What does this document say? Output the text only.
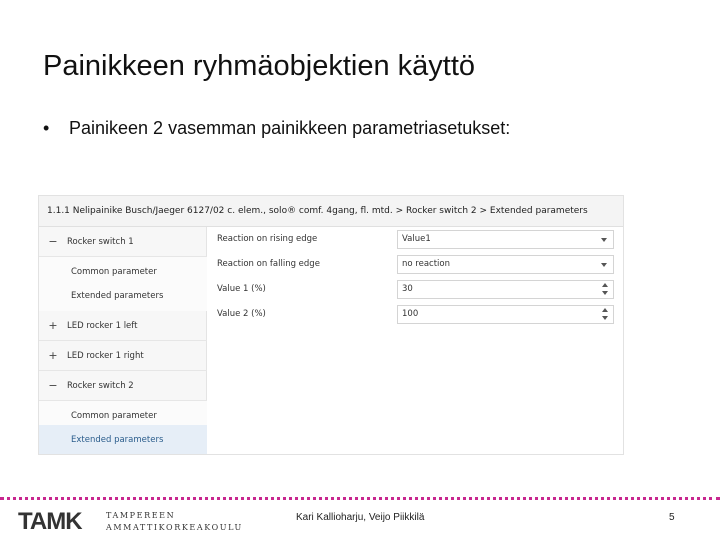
Painikkeen ryhmäobjektien käyttö
• Painikeen 2 vasemman painikkeen parametriasetukset:
1.1.1 Nelipainike Busch/Jaeger 6127/02 c. elem., solo® comf. 4gang, fl. mtd. > Rocker switch 2 > Extended parameters
− Rocker switch 1
Common parameter
Extended parameters
+ LED rocker 1 left
+ LED rocker 1 right
− Rocker switch 2
Common parameter
Extended parameters
Reaction on rising edge	Value1
Reaction on falling edge	no reaction
Value 1 (%)	30
Value 2 (%)	100
TAMK	TAMPEREEN
AMMATTIKORKEAKOULU
Kari Kallioharju, Veijo Piikkilä	5
